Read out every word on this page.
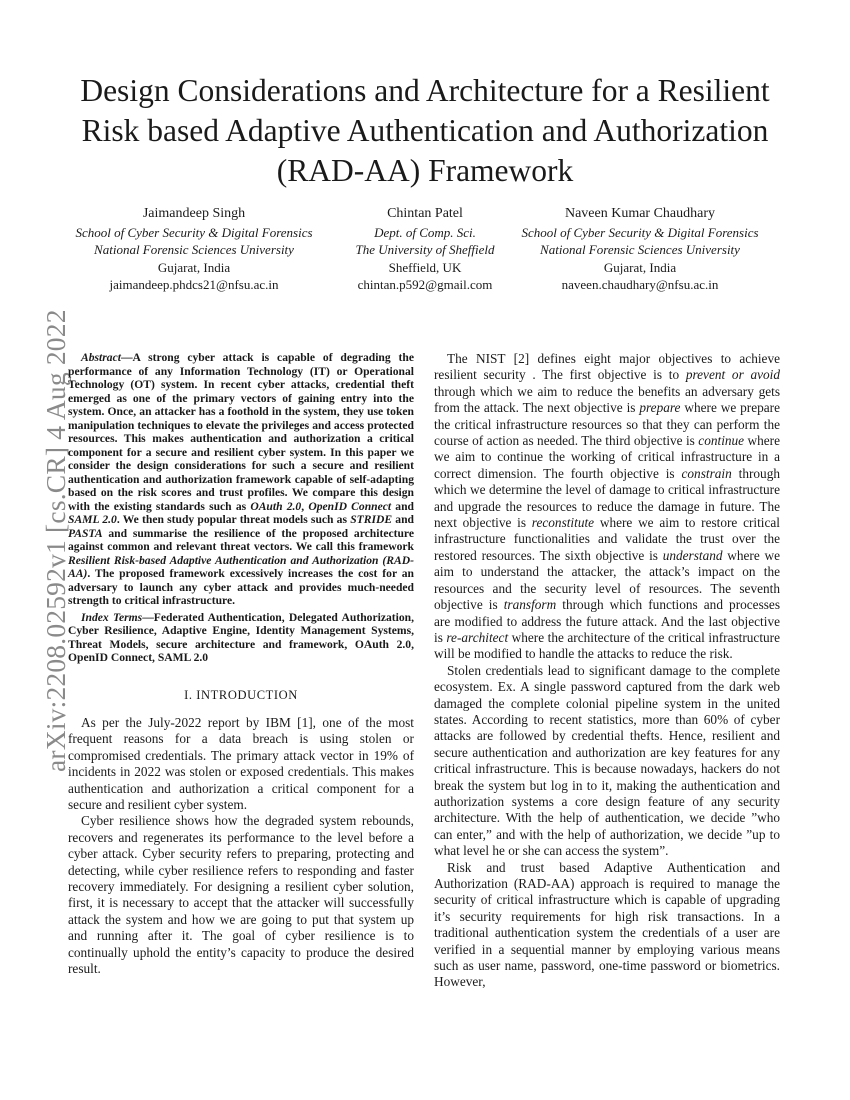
arXiv:2208.02592v1 [cs.CR] 4 Aug 2022
Design Considerations and Architecture for a Resilient Risk based Adaptive Authentication and Authorization (RAD-AA) Framework
Jaimandeep Singh
School of Cyber Security & Digital Forensics
National Forensic Sciences University
Gujarat, India
jaimandeep.phdcs21@nfsu.ac.in
Chintan Patel
Dept. of Comp. Sci.
The University of Sheffield
Sheffield, UK
chintan.p592@gmail.com
Naveen Kumar Chaudhary
School of Cyber Security & Digital Forensics
National Forensic Sciences University
Gujarat, India
naveen.chaudhary@nfsu.ac.in

Abstract—A strong cyber attack is capable of degrading the performance of any Information Technology (IT) or Operational Technology (OT) system. In recent cyber attacks, credential theft emerged as one of the primary vectors of gaining entry into the system. Once, an attacker has a foothold in the system, they use token manipulation techniques to elevate the privileges and access protected resources. This makes authentication and authorization a critical component for a secure and resilient cyber system. In this paper we consider the design considerations for such a secure and resilient authentication and authorization framework capable of self-adapting based on the risk scores and trust profiles. We compare this design with the existing standards such as OAuth 2.0, OpenID Connect and SAML 2.0. We then study popular threat models such as STRIDE and PASTA and summarise the resilience of the proposed architecture against common and relevant threat vectors. We call this framework Resilient Risk-based Adaptive Authentication and Authorization (RAD-AA). The proposed framework excessively increases the cost for an adversary to launch any cyber attack and provides much-needed strength to critical infrastructure.

Index Terms—Federated Authentication, Delegated Authorization, Cyber Resilience, Adaptive Engine, Identity Management Systems, Threat Models, secure architecture and framework, OAuth 2.0, OpenID Connect, SAML 2.0

I. INTRODUCTION

As per the July-2022 report by IBM [1], one of the most frequent reasons for a data breach is using stolen or compromised credentials. The primary attack vector in 19% of incidents in 2022 was stolen or exposed credentials. This makes authentication and authorization a critical component for a secure and resilient cyber system.

Cyber resilience shows how the degraded system rebounds, recovers and regenerates its performance to the level before a cyber attack. Cyber security refers to preparing, protecting and detecting, while cyber resilience refers to responding and faster recovery immediately. For designing a resilient cyber solution, first, it is necessary to accept that the attacker will successfully attack the system and how we are going to put that system up and running after it. The goal of cyber resilience is to continually uphold the entity’s capacity to produce the desired result.

The NIST [2] defines eight major objectives to achieve resilient security . The first objective is to prevent or avoid through which we aim to reduce the benefits an adversary gets from the attack. The next objective is prepare where we prepare the critical infrastructure resources so that they can perform the course of action as needed. The third objective is continue where we aim to continue the working of critical infrastructure in a correct dimension. The fourth objective is constrain through which we determine the level of damage to critical infrastructure and upgrade the resources to reduce the damage in future. The next objective is reconstitute where we aim to restore critical infrastructure functionalities and validate the trust over the restored resources. The sixth objective is understand where we aim to understand the attacker, the attack’s impact on the resources and the security level of resources. The seventh objective is transform through which functions and processes are modified to address the future attack. And the last objective is re-architect where the architecture of the critical infrastructure will be modified to handle the attacks to reduce the risk.

Stolen credentials lead to significant damage to the complete ecosystem. Ex. A single password captured from the dark web damaged the complete colonial pipeline system in the united states. According to recent statistics, more than 60% of cyber attacks are followed by credential thefts. Hence, resilient and secure authentication and authorization are key features for any critical infrastructure. This is because nowadays, hackers do not break the system but log in to it, making the authentication and authorization systems a core design feature of any security architecture. With the help of authentication, we decide ”who can enter,” and with the help of authorization, we decide ”up to what level he or she can access the system”.

Risk and trust based Adaptive Authentication and Authorization (RAD-AA) approach is required to manage the security of critical infrastructure which is capable of upgrading it’s security requirements for high risk transactions. In a traditional authentication system the credentials of a user are verified in a sequential manner by employing various means such as user name, password, one-time password or biometrics. However,
